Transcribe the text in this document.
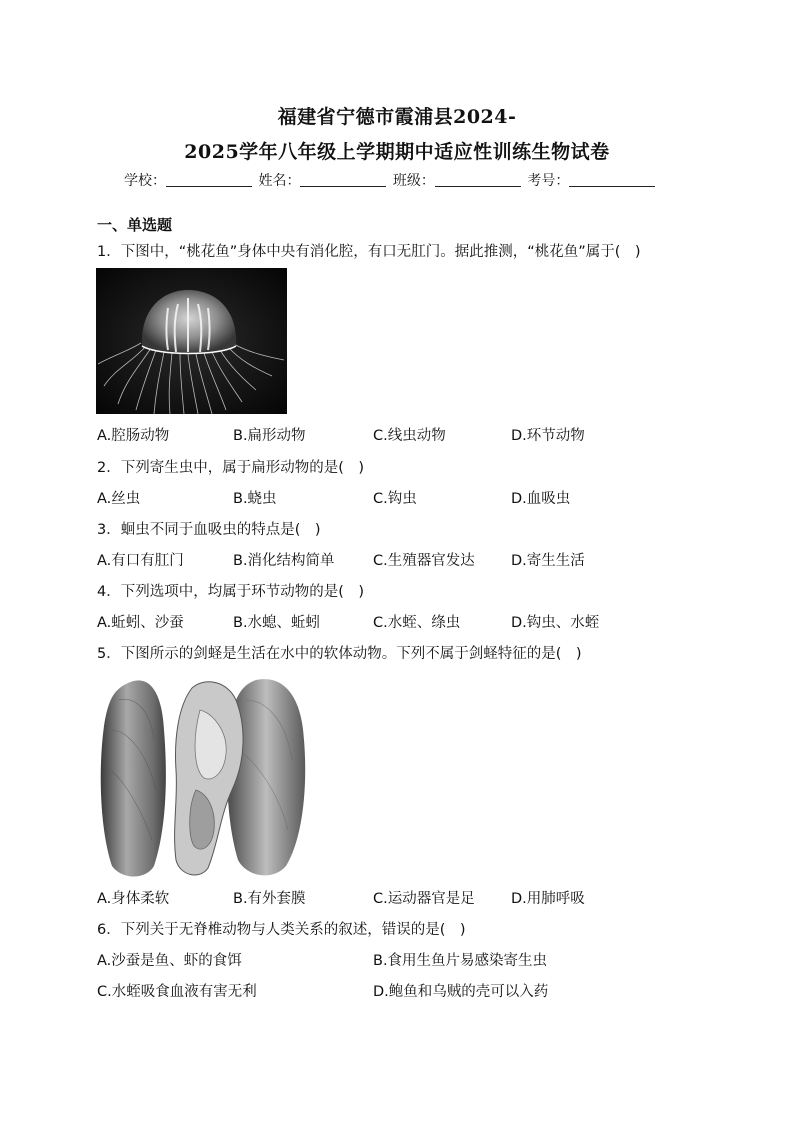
福建省宁德市霞浦县2024-
2025学年八年级上学期期中适应性训练生物试卷
学校：	姓名：	班级：	考号：
一、单选题
1．下图中，“桃花鱼”身体中央有消化腔，有口无肛门。据此推测，“桃花鱼”属于(　)
A.腔肠动物	B.扁形动物	C.线虫动物	D.环节动物
2．下列寄生虫中，属于扁形动物的是(　)
A.丝虫	B.蛲虫	C.钩虫	D.血吸虫
3．蛔虫不同于血吸虫的特点是(　)
A.有口有肛门	B.消化结构简单	C.生殖器官发达	D.寄生生活
4．下列选项中，均属于环节动物的是(　)
A.蚯蚓、沙蚕	B.水螅、蚯蚓	C.水蛭、绦虫	D.钩虫、水蛭
5．下图所示的剑蛏是生活在水中的软体动物。下列不属于剑蛏特征的是(　)
A.身体柔软	B.有外套膜	C.运动器官是足	D.用肺呼吸
6．下列关于无脊椎动物与人类关系的叙述，错误的是(　)
A.沙蚕是鱼、虾的食饵	B.食用生鱼片易感染寄生虫
C.水蛭吸食血液有害无利	D.鲍鱼和乌贼的壳可以入药
